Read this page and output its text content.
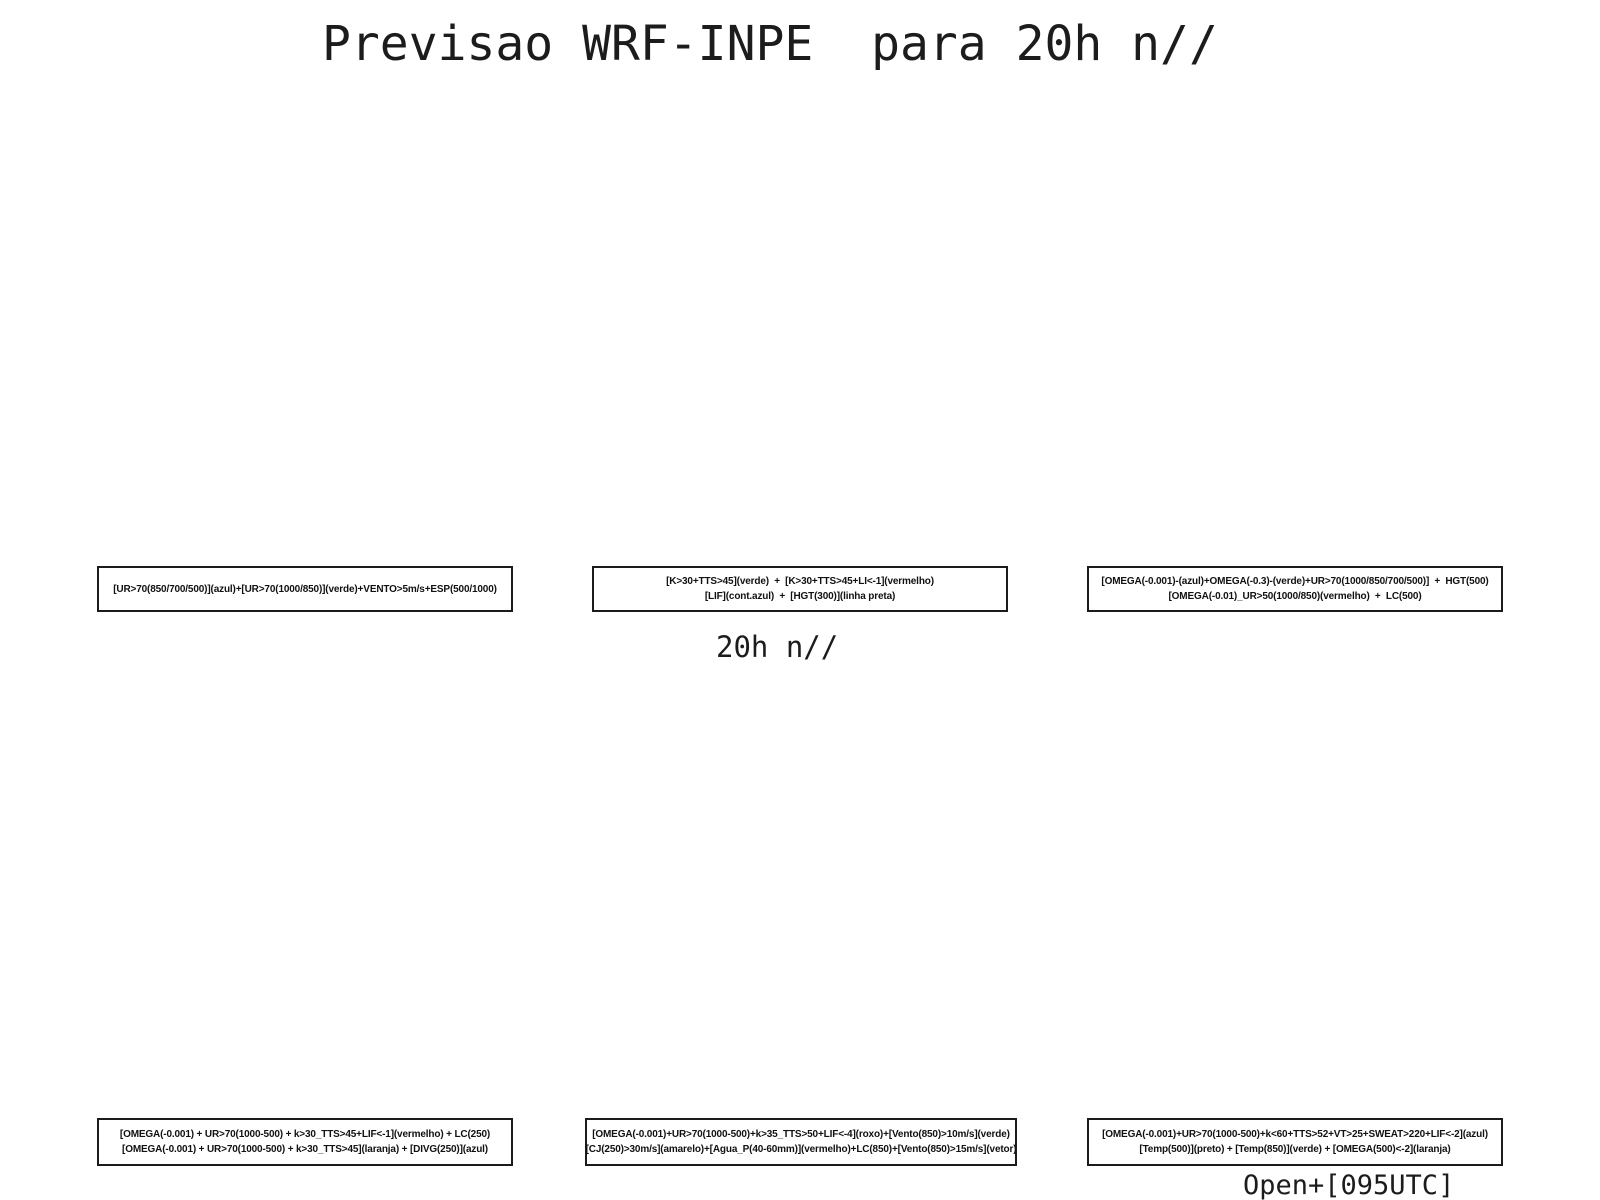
Previsao WRF-INPE  para 20h n//
[UR>70(850/700/500)](azul)+[UR>70(1000/850)](verde)+VENTO>5m/s+ESP(500/1000)
[K>30+TTS>45](verde)  +  [K>30+TTS>45+LI<-1](vermelho)
[LIF](cont.azul)  +  [HGT(300)](linha preta)
[OMEGA(-0.001)-(azul)+OMEGA(-0.3)-(verde)+UR>70(1000/850/700/500)]  +  HGT(500)
[OMEGA(-0.01)_UR>50(1000/850)(vermelho)  +  LC(500)
20h n//
[OMEGA(-0.001) + UR>70(1000-500) + k>30_TTS>45+LIF<-1](vermelho) + LC(250)
[OMEGA(-0.001) + UR>70(1000-500) + k>30_TTS>45](laranja) + [DIVG(250)](azul)
[OMEGA(-0.001)+UR>70(1000-500)+k>35_TTS>50+LIF<-4](roxo)+[Vento(850)>10m/s](verde)
[CJ(250)>30m/s](amarelo)+[Agua_P(40-60mm)](vermelho)+LC(850)+[Vento(850)>15m/s](vetor)
[OMEGA(-0.001)+UR>70(1000-500)+k<60+TTS>52+VT>25+SWEAT>220+LIF<-2](azul)
[Temp(500)](preto) + [Temp(850)](verde) + [OMEGA(500)<-2](laranja)
Open+[095UTC]
